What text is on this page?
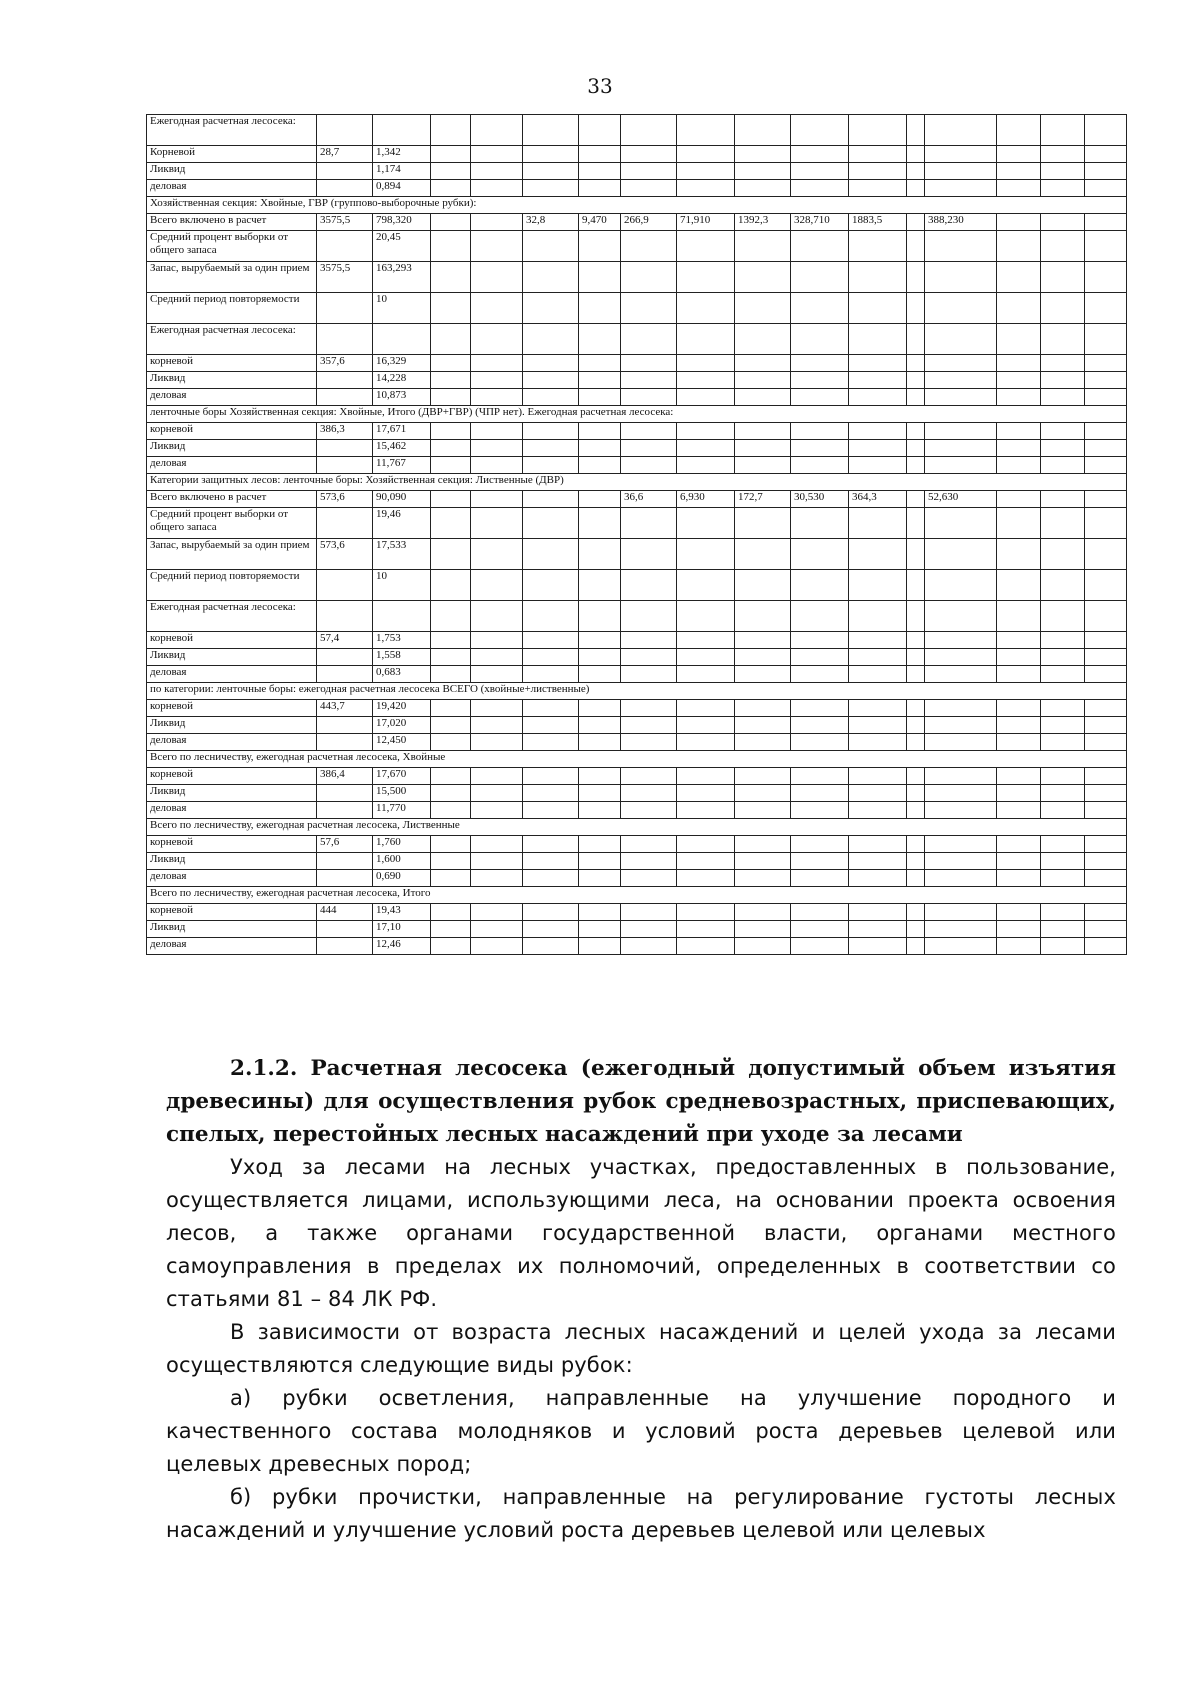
33
Ежегодная расчетная лесосека:																
Корневой	28,7	1,342														
Ликвид		1,174														
деловая		0,894														
Хозяйственная секция: Хвойные, ГВР (группово-выборочные рубки):																
Всего включено в расчет	3575,5	798,320			32,8	9,470	266,9	71,910	1392,3	328,710	1883,5		388,230			
Средний процент выборки от общего запаса		20,45														
Запас, вырубаемый за один прием	3575,5	163,293														
Средний период повторяемости		10														
Ежегодная расчетная лесосека:																
корневой	357,6	16,329														
Ликвид		14,228														
деловая		10,873														
ленточные боры Хозяйственная секция: Хвойные, Итого (ДВР+ГВР) (ЧПР нет). Ежегодная расчетная лесосека:																
корневой	386,3	17,671														
Ликвид		15,462														
деловая		11,767														
Категории защитных лесов: ленточные боры: Хозяйственная секция: Лиственные (ДВР)																
Всего включено в расчет	573,6	90,090					36,6	6,930	172,7	30,530	364,3		52,630			
Средний процент выборки от общего запаса		19,46														
Запас, вырубаемый за один прием	573,6	17,533														
Средний период повторяемости		10														
Ежегодная расчетная лесосека:																
корневой	57,4	1,753														
Ликвид		1,558														
деловая		0,683														
по категории: ленточные боры: ежегодная расчетная лесосека ВСЕГО (хвойные+лиственные)																
корневой	443,7	19,420														
Ликвид		17,020														
деловая		12,450														
Всего по лесничеству, ежегодная расчетная лесосека, Хвойные																
корневой	386,4	17,670														
Ликвид		15,500														
деловая		11,770														
Всего по лесничеству, ежегодная расчетная лесосека, Лиственные																
корневой	57,6	1,760														
Ликвид		1,600														
деловая		0,690														
Всего по лесничеству, ежегодная расчетная лесосека, Итого																
корневой	444	19,43														
Ликвид		17,10														
деловая		12,46														

2.1.2. Расчетная лесосека (ежегодный допустимый объем изъятия древесины) для осуществления рубок средневозрастных, приспевающих, спелых, перестойных лесных насаждений при уходе за лесами

Уход за лесами на лесных участках, предоставленных в пользование, осуществляется лицами, использующими леса, на основании проекта освоения лесов, а также органами государственной власти, органами местного самоуправления в пределах их полномочий, определенных в соответствии со статьями 81 – 84 ЛК РФ.

В зависимости от возраста лесных насаждений и целей ухода за лесами осуществляются следующие виды рубок:

а) рубки осветления, направленные на улучшение породного и качественного состава молодняков и условий роста деревьев целевой или целевых древесных пород;

б) рубки прочистки, направленные на регулирование густоты лесных насаждений и улучшение условий роста деревьев целевой или целевых
